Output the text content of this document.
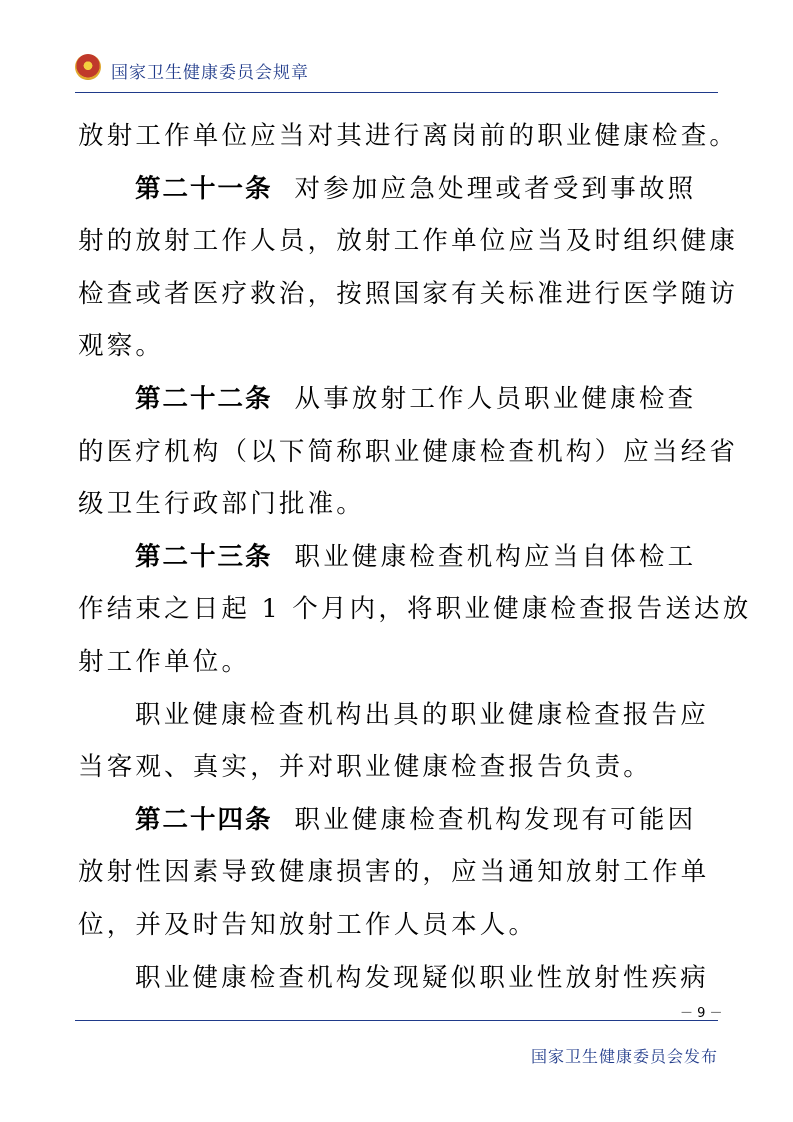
国家卫生健康委员会规章
放射工作单位应当对其进行离岗前的职业健康检查。
第二十一条 对参加应急处理或者受到事故照
射的放射工作人员，放射工作单位应当及时组织健康
检查或者医疗救治，按照国家有关标准进行医学随访
观察。
第二十二条 从事放射工作人员职业健康检查
的医疗机构（以下简称职业健康检查机构）应当经省
级卫生行政部门批准。
第二十三条 职业健康检查机构应当自体检工
作结束之日起 1 个月内，将职业健康检查报告送达放
射工作单位。
职业健康检查机构出具的职业健康检查报告应
当客观、真实，并对职业健康检查报告负责。
第二十四条 职业健康检查机构发现有可能因
放射性因素导致健康损害的，应当通知放射工作单
位，并及时告知放射工作人员本人。
职业健康检查机构发现疑似职业性放射性疾病
－ 9 －
国家卫生健康委员会发布
